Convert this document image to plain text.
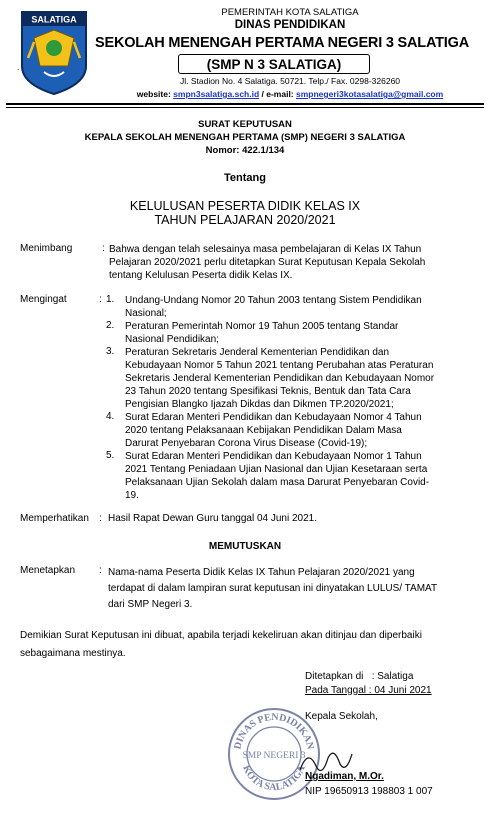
SALATIGA
.
PEMERINTAH KOTA SALATIGA
DINAS PENDIDIKAN
SEKOLAH MENENGAH PERTAMA NEGERI 3 SALATIGA
(SMP N 3 SALATIGA)
Jl. Stadion No. 4 Salatiga. 50721. Telp./ Fax. 0298-326260
website: smpn3salatiga.sch.id / e-mail: smpnegeri3kotasalatiga@gmail.com
SURAT KEPUTUSAN
KEPALA SEKOLAH MENENGAH PERTAMA (SMP) NEGERI 3 SALATIGA
Nomor: 422.1/134
Tentang
KELULUSAN PESERTA DIDIK KELAS IX
TAHUN PELAJARAN 2020/2021
Menimbang	: Bahwa dengan telah selesainya masa pembelajaran di Kelas IX Tahun
Pelajaran 2020/2021 perlu ditetapkan Surat Keputusan Kepala Sekolah
tentang Kelulusan Peserta didik Kelas IX.
Mengingat	: 1. Undang-Undang Nomor 20 Tahun 2003 tentang Sistem Pendidikan
Nasional;
2. Peraturan Pemerintah Nomor 19 Tahun 2005 tentang Standar
Nasional Pendidikan;
3. Peraturan Sekretaris Jenderal Kementerian Pendidikan dan
Kebudayaan Nomor 5 Tahun 2021 tentang Perubahan atas Peraturan
Sekretaris Jenderal Kementerian Pendidikan dan Kebudayaan Nomor
23 Tahun 2020 tentang Spesifikasi Teknis, Bentuk dan Tata Cara
Pengisian Blangko Ijazah Dikdas dan Dikmen TP.2020/2021;
4. Surat Edaran Menteri Pendidikan dan Kebudayaan Nomor 4 Tahun
2020 tentang Pelaksanaan Kebijakan Pendidikan Dalam Masa
Darurat Penyebaran Corona Virus Disease (Covid-19);
5. Surat Edaran Menteri Pendidikan dan Kebudayaan Nomor 1 Tahun
2021 Tentang Peniadaan Ujian Nasional dan Ujian Kesetaraan serta
Pelaksanaan Ujian Sekolah dalam masa Darurat Penyebaran Covid-
19.
Memperhatikan : Hasil Rapat Dewan Guru tanggal 04 Juni 2021.
MEMUTUSKAN
Menetapkan : Nama-nama Peserta Didik Kelas IX Tahun Pelajaran 2020/2021 yang
terdapat di dalam lampiran surat keputusan ini dinyatakan LULUS/ TAMAT
dari SMP Negeri 3.
Demikian Surat Keputusan ini dibuat, apabila terjadi kekeliruan akan ditinjau dan diperbaiki
sebagaimana mestinya.
Ditetapkan di   : Salatiga
Pada Tanggal : 04 Juni 2021
Kepala Sekolah,
DINAS PENDIDIKAN
SMP NEGERI 3
KOTA SALATIGA
Ngadiman, M.Or.
NIP 19650913 198803 1 007
